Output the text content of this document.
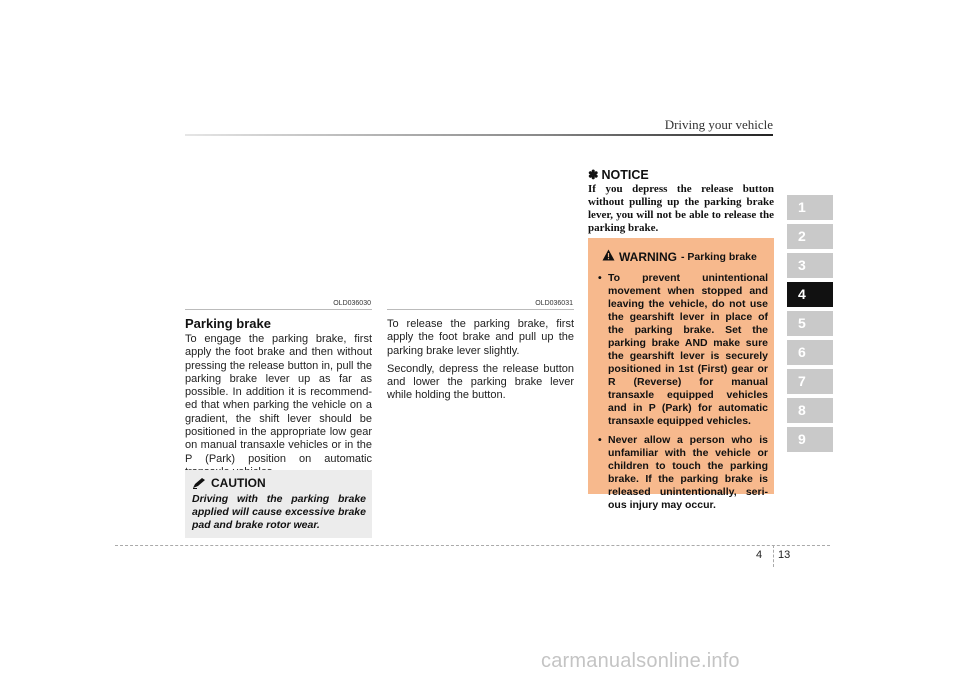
Driving your vehicle
1
2
3
4
5
6
7
8
9
OLD036030
Parking brake
To engage the parking brake, first apply the foot brake and then without pressing the release button in, pull the parking brake lever up as far as possible. In addition it is recommended that when parking the vehicle on a gradient, the shift lever should be positioned in the appropriate low gear on manual transaxle vehicles or in the P (Park) position on automatic
CAUTION
Driving with the parking brake applied will cause excessive brake pad and brake rotor wear.
OLD036031

To release the parking brake, first apply the foot brake and pull up the parking brake lever slightly.

Secondly, depress the release button and lower the parking brake lever while holding the button.

✽ NOTICE

If you depress the release button without pulling up the parking brake lever, you will not be able to release the parking brake.

WARNING - Parking brake
• To prevent unintentional movement when stopped and leaving the vehicle, do not use the gearshift lever in place of the parking brake. Set the parking brake AND make sure the gearshift lever is securely positioned in 1st (First) gear or R (Reverse) for manual transaxle equipped vehicles and in P (Park) for automatic transaxle equipped vehicles.
• Never allow a person who is unfamiliar with the vehicle or children to touch the parking brake. If the parking brake is released unintentionally, serious injury may occur.
4 13
carmanualsonline.info
